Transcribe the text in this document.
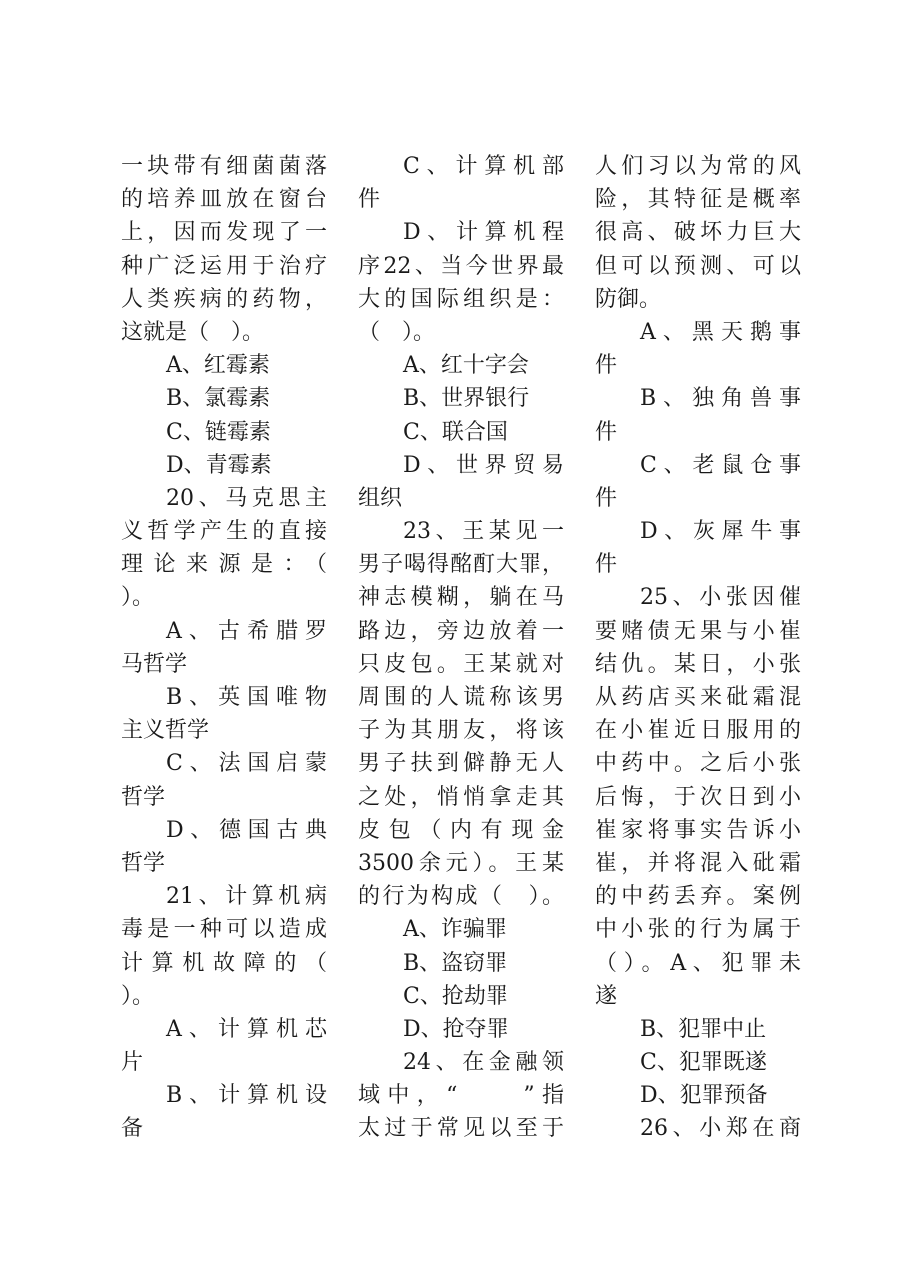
一块带有细菌菌落
的培养皿放在窗台
上，因而发现了一
种广泛运用于治疗
人类疾病的药物，
这就是（　）。
A、红霉素
B、氯霉素
C、链霉素
D、青霉素
20、马克思主
义哲学产生的直接
理论来源是：（
）。
A、古希腊罗
马哲学
B、英国唯物
主义哲学
C、法国启蒙
哲学
D、德国古典
哲学
21、计算机病
毒是一种可以造成
计算机故障的（
）。
A、计算机芯
片
B、计算机设
备
C、计算机部
件
D、计算机程
序22、当今世界最
大的国际组织是：
（　）。
A、红十字会
B、世界银行
C、联合国
D、世界贸易
组织
23、王某见一
男子喝得酩酊大罪，
神志模糊，躺在马
路边，旁边放着一
只皮包。王某就对
周围的人谎称该男
子为其朋友，将该
男子扶到僻静无人
之处，悄悄拿走其
皮包（内有现金
3500余元）。王某
的行为构成（　）。
A、诈骗罪
B、盗窃罪
C、抢劫罪
D、抢夺罪
24、在金融领
域中，“　　”指
太过于常见以至于
人们习以为常的风
险，其特征是概率
很高、破坏力巨大
但可以预测、可以
防御。
A、黑天鹅事
件
B、独角兽事
件
C、老鼠仓事
件
D、灰犀牛事
件
25、小张因催
要赌债无果与小崔
结仇。某日，小张
从药店买来砒霜混
在小崔近日服用的
中药中。之后小张
后悔，于次日到小
崔家将事实告诉小
崔，并将混入砒霜
的中药丢弃。案例
中小张的行为属于
（）。A、犯罪未
遂
B、犯罪中止
C、犯罪既遂
D、犯罪预备
26、小郑在商
